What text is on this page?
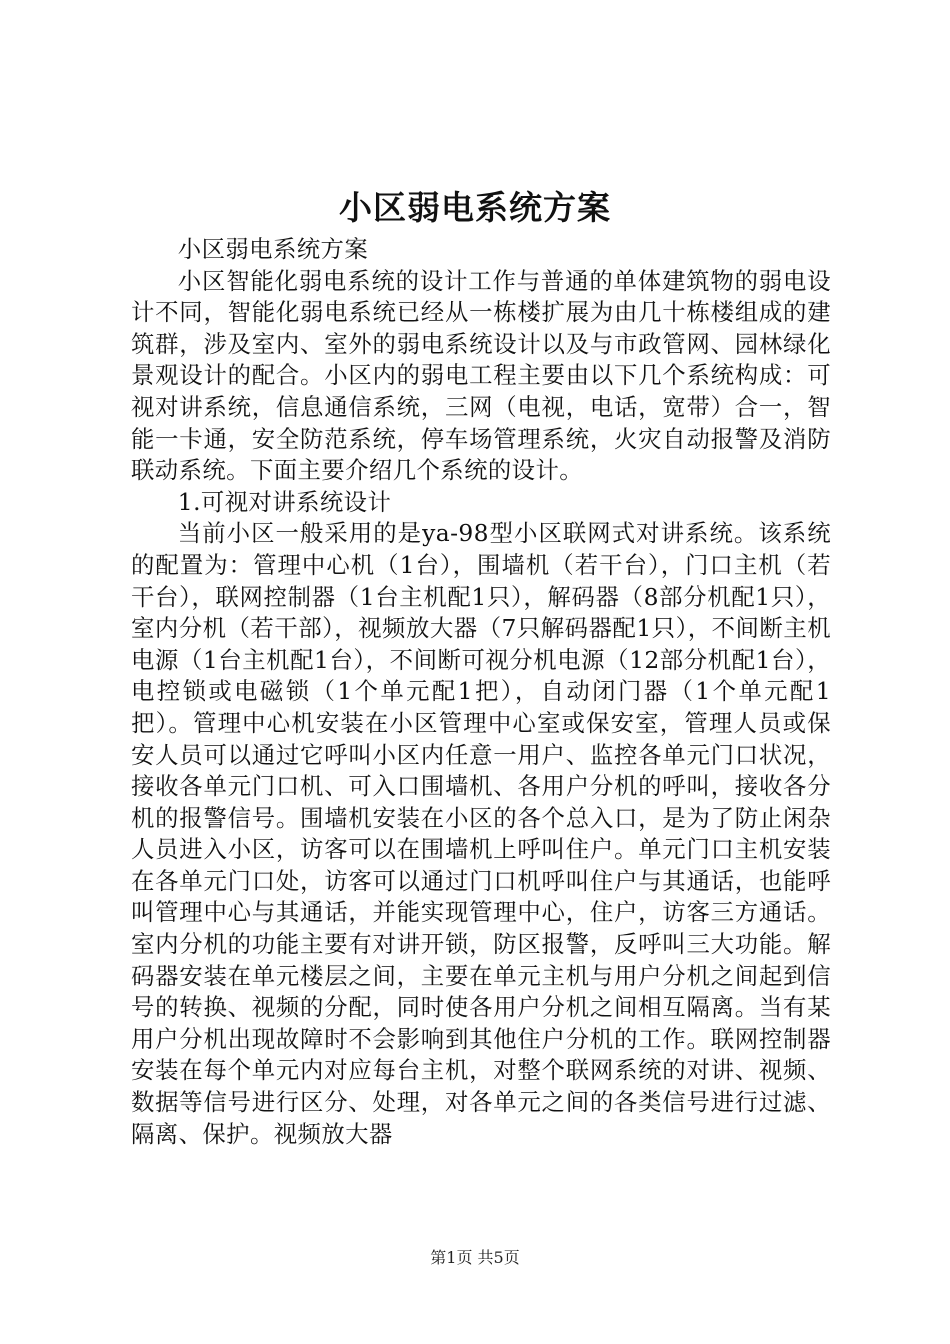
小区弱电系统方案

小区弱电系统方案

小区智能化弱电系统的设计工作与普通的单体建筑物的弱电设计不同，智能化弱电系统已经从一栋楼扩展为由几十栋楼组成的建筑群，涉及室内、室外的弱电系统设计以及与市政管网、园林绿化景观设计的配合。小区内的弱电工程主要由以下几个系统构成：可视对讲系统，信息通信系统，三网（电视，电话，宽带）合一，智能一卡通，安全防范系统，停车场管理系统，火灾自动报警及消防联动系统。下面主要介绍几个系统的设计。

1.可视对讲系统设计

当前小区一般采用的是ya-98型小区联网式对讲系统。该系统的配置为：管理中心机（1台），围墙机（若干台），门口主机（若干台），联网控制器（1台主机配1只），解码器（8部分机配1只），室内分机（若干部），视频放大器（7只解码器配1只），不间断主机电源（1台主机配1台），不间断可视分机电源（12部分机配1台），电控锁或电磁锁（1个单元配1把），自动闭门器（1个单元配1把）。管理中心机安装在小区管理中心室或保安室，管理人员或保安人员可以通过它呼叫小区内任意一用户、监控各单元门口状况，接收各单元门口机、可入口围墙机、各用户分机的呼叫，接收各分机的报警信号。围墙机安装在小区的各个总入口，是为了防止闲杂人员进入小区，访客可以在围墙机上呼叫住户。单元门口主机安装在各单元门口处，访客可以通过门口机呼叫住户与其通话，也能呼叫管理中心与其通话，并能实现管理中心，住户，访客三方通话。室内分机的功能主要有对讲开锁，防区报警，反呼叫三大功能。解码器安装在单元楼层之间，主要在单元主机与用户分机之间起到信号的转换、视频的分配，同时使各用户分机之间相互隔离。当有某用户分机出现故障时不会影响到其他住户分机的工作。联网控制器安装在每个单元内对应每台主机，对整个联网系统的对讲、视频、数据等信号进行区分、处理，对各单元之间的各类信号进行过滤、隔离、保护。视频放大器

第1页 共5页
